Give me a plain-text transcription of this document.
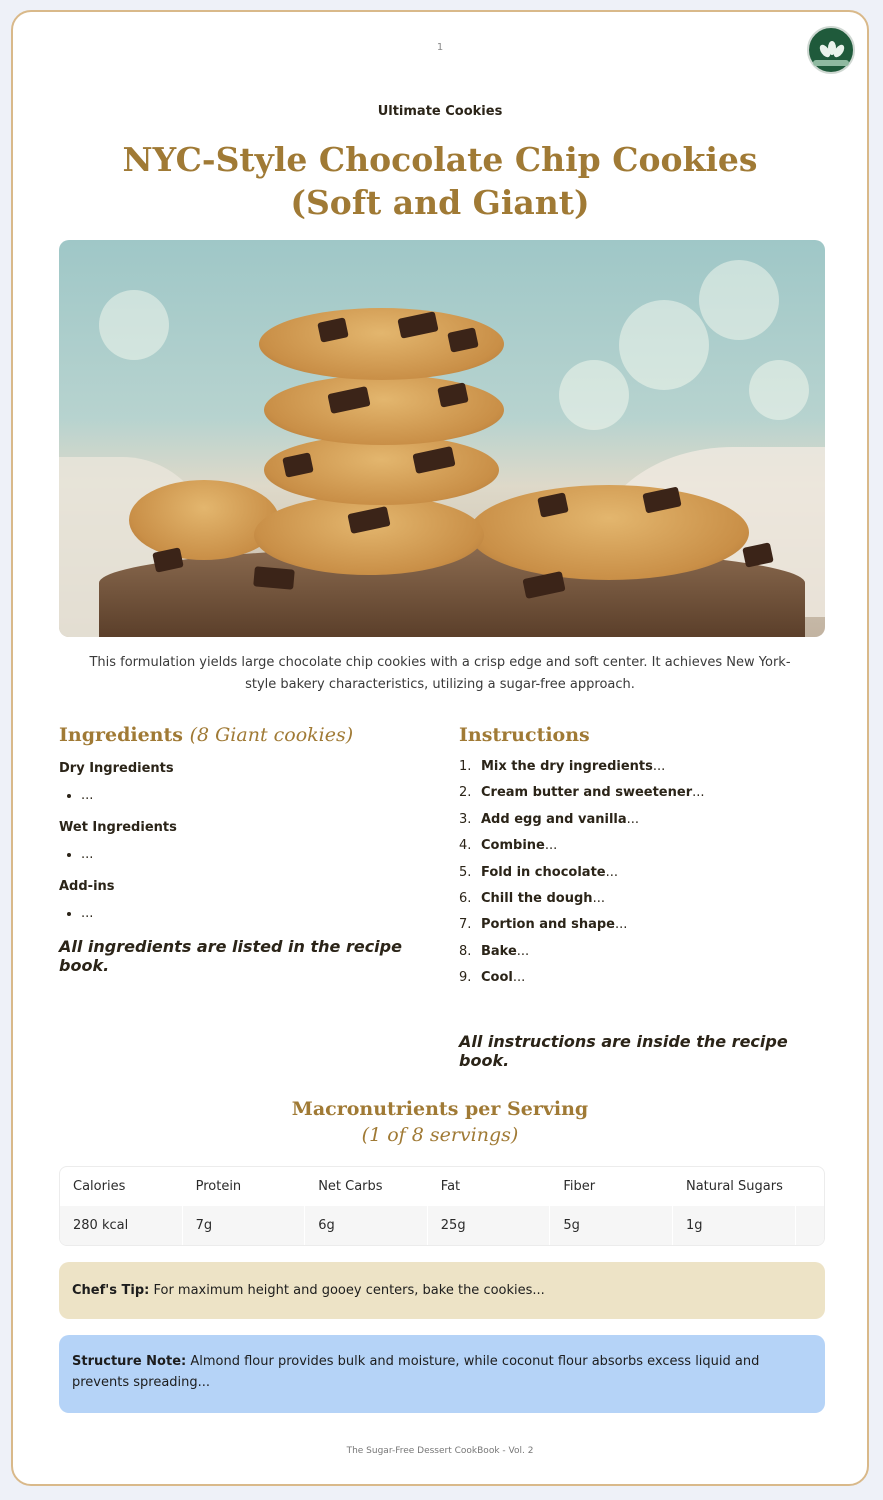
1
Ultimate Cookies
NYC-Style Chocolate Chip Cookies
(Soft and Giant)
This formulation yields large chocolate chip cookies with a crisp edge and soft center. It achieves New York-style bakery characteristics, utilizing a sugar-free approach.
Ingredients (8 Giant cookies)

Dry Ingredients

• ...

Wet Ingredients

• ...

Add-ins

• ...

All ingredients are listed in the recipe book.

Instructions
1. Mix the dry ingredients...
2. Cream butter and sweetener...
3. Add egg and vanilla...
4. Combine...
5. Fold in chocolate...
6. Chill the dough...
7. Portion and shape...
8. Bake...
9. Cool...

All instructions are inside the recipe book.

Macronutrients per Serving
(1 of 8 servings)
Calories	Protein	Net Carbs	Fat	Fiber	Natural Sugars
280 kcal	7g	6g	25g	5g	1g
Chef's Tip: For maximum height and gooey centers, bake the cookies...
Structure Note: Almond flour provides bulk and moisture, while coconut flour absorbs excess liquid and prevents spreading...
The Sugar-Free Dessert CookBook - Vol. 2
